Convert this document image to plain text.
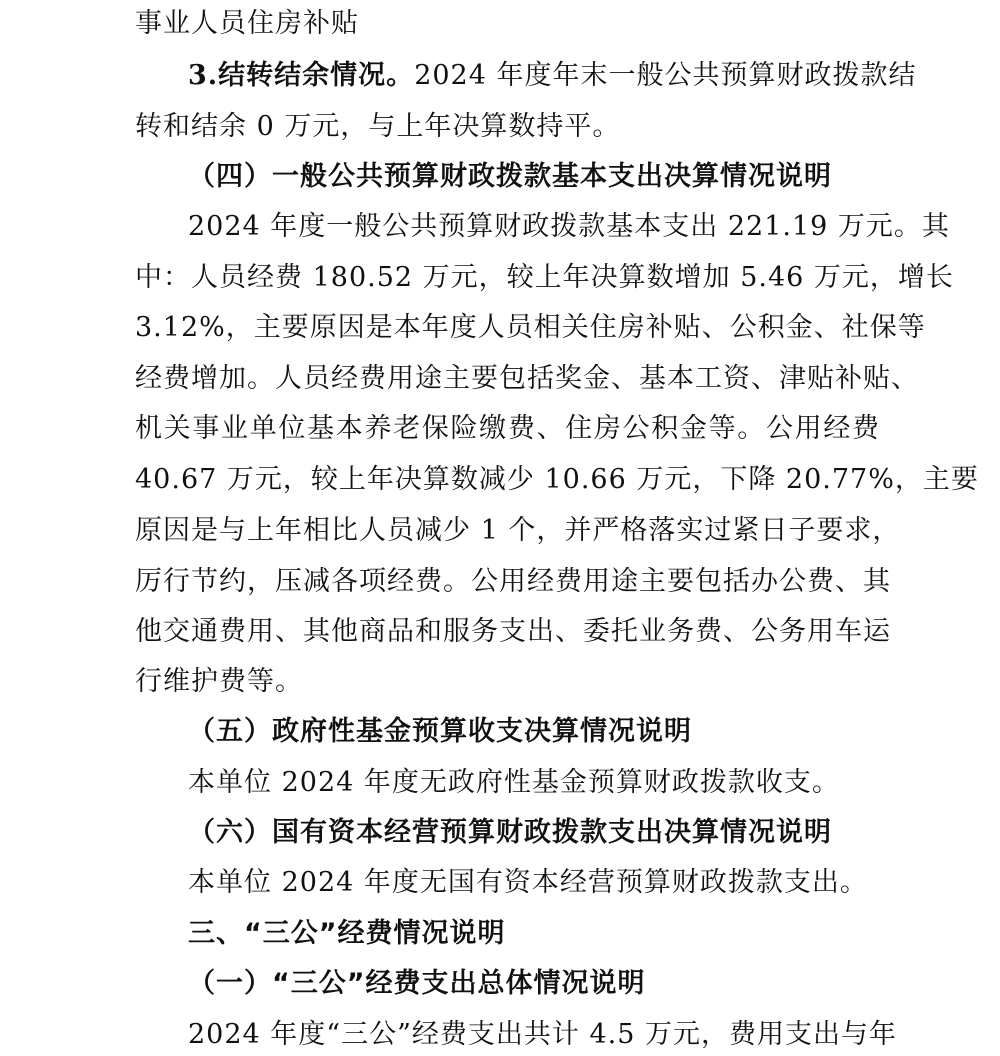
事业人员住房补贴
3.结转结余情况。2024 年度年末一般公共预算财政拨款结
转和结余 0 万元，与上年决算数持平。
（四）一般公共预算财政拨款基本支出决算情况说明
2024 年度一般公共预算财政拨款基本支出 221.19 万元。其
中：人员经费 180.52 万元，较上年决算数增加 5.46 万元，增长
3.12%，主要原因是本年度人员相关住房补贴、公积金、社保等
经费增加。人员经费用途主要包括奖金、基本工资、津贴补贴、
机关事业单位基本养老保险缴费、住房公积金等。公用经费
40.67 万元，较上年决算数减少 10.66 万元，下降 20.77%，主要
原因是与上年相比人员减少 1 个，并严格落实过紧日子要求，
厉行节约，压减各项经费。公用经费用途主要包括办公费、其
他交通费用、其他商品和服务支出、委托业务费、公务用车运
行维护费等。
（五）政府性基金预算收支决算情况说明
本单位 2024 年度无政府性基金预算财政拨款收支。
（六）国有资本经营预算财政拨款支出决算情况说明
本单位 2024 年度无国有资本经营预算财政拨款支出。
三、“三公”经费情况说明
（一）“三公”经费支出总体情况说明
2024 年度“三公”经费支出共计 4.5 万元，费用支出与年
